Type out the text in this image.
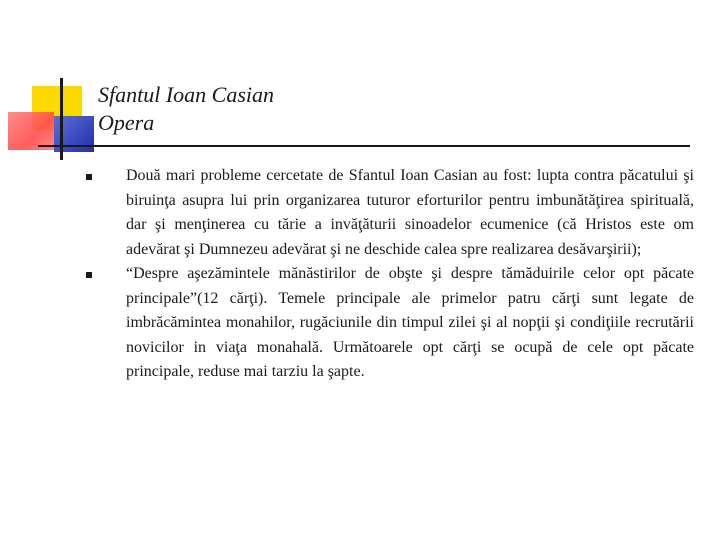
Sfantul Ioan Casian
Opera
Două mari probleme cercetate de Sfantul Ioan Casian au fost: lupta contra păcatului şi biruinţa asupra lui prin organizarea tuturor eforturilor pentru imbunătăţirea spirituală, dar şi menţinerea cu tărie a invăţăturii sinoadelor ecumenice (că Hristos este om adevărat şi Dumnezeu adevărat şi ne deschide calea spre realizarea desăvarşirii);
“Despre aşezămintele mănăstirilor de obşte şi despre tămăduirile celor opt păcate principale”(12 cărţi). Temele principale ale primelor patru cărţi sunt legate de imbrăcămintea monahilor, rugăciunile din timpul zilei şi al nopţii şi condiţiile recrutării novicilor in viaţa monahală. Următoarele opt cărţi se ocupă de cele opt păcate principale, reduse mai tarziu la şapte.
